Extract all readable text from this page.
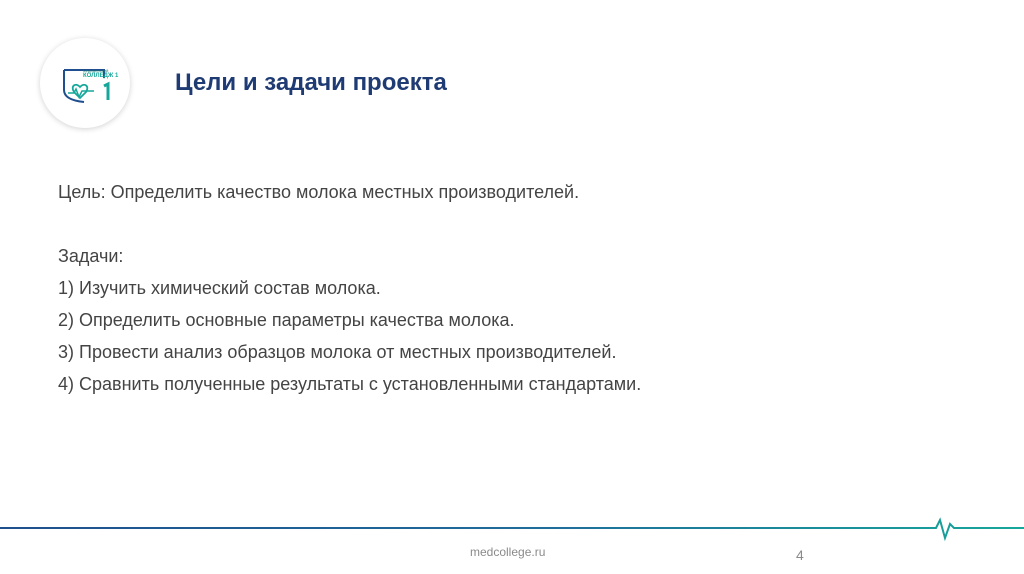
медицинский
КОЛЛЕДЖ 1 Цели и задачи проекта
Цель: Определить качество молока местных производителей.
Задачи:
1) Изучить химический состав молока.
2) Определить основные параметры качества молока.
3) Провести анализ образцов молока от местных производителей.
4) Сравнить полученные результаты с установленными стандартами.
medcollege.ru	4
